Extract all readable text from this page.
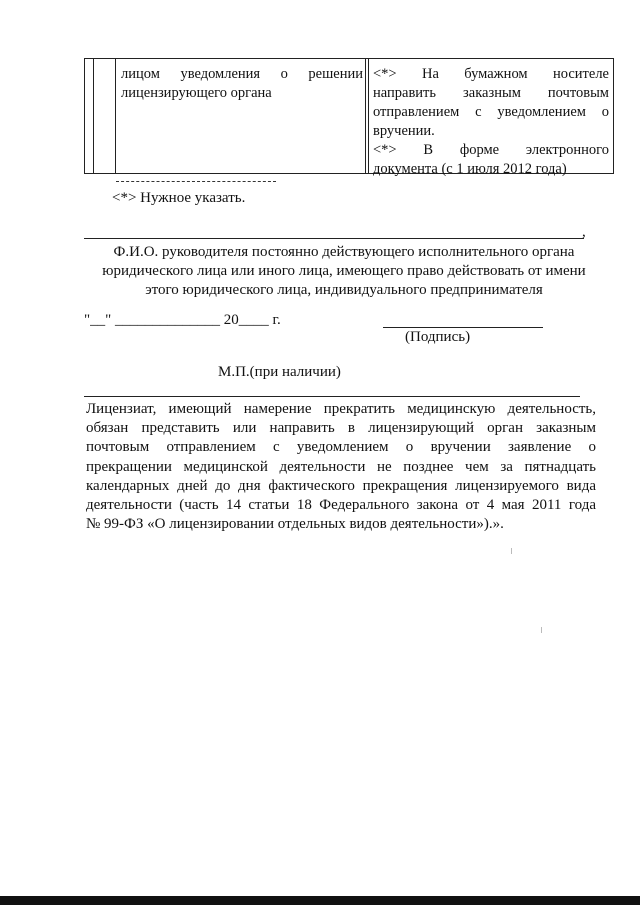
лицом уведомления о решении
лицензирующего органа
<*> На бумажном носителе
направить заказным почтовым
отправлением с уведомлением о
вручении.
<*> В форме электронного
документа (с 1 июля 2012 года)
<*> Нужное указать.
,
Ф.И.О. руководителя постоянно действующего исполнительного органа
юридического лица или иного лица, имеющего право действовать от имени
этого юридического лица, индивидуального предпринимателя
"__" ______________ 20____ г.
(Подпись)
М.П.(при наличии)
Лицензиат, имеющий намерение прекратить медицинскую деятельность,
обязан представить или направить в лицензирующий орган заказным
почтовым отправлением с уведомлением о вручении заявление о
прекращении медицинской деятельности не позднее чем за пятнадцать
календарных дней до дня фактического прекращения лицензируемого вида
деятельности (часть 14 статьи 18 Федерального закона от 4 мая 2011 года
№ 99-ФЗ «О лицензировании отдельных видов деятельности»).».
